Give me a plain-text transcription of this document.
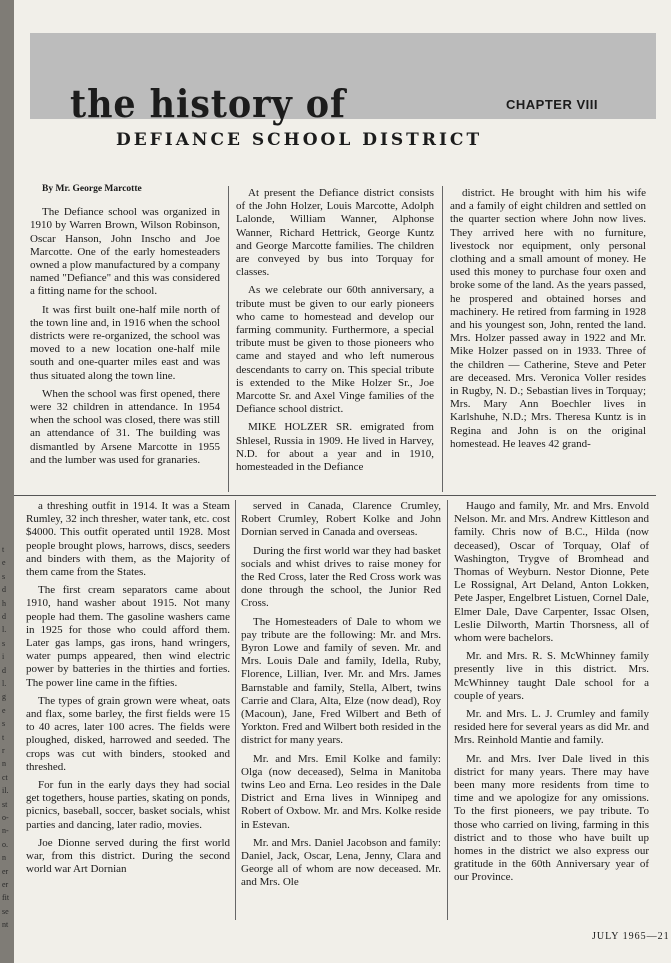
t
e
s
d
h
d
l.
s
i
d
l.
g
e
s
t
r
n
ct
il.
st
o-
n-
o.
n
er
er
fit
se
nt
the history of	CHAPTER VIII
DEFIANCE SCHOOL DISTRICT

By Mr. George Marcotte

The Defiance school was organized in 1910 by Warren Brown, Wilson Robinson, Oscar Hanson, John Inscho and Joe Marcotte. One of the early homesteaders owned a plow manufactured by a company named "Defiance" and this was considered a fitting name for the school.

It was first built one-half mile north of the town line and, in 1916 when the school districts were re-organized, the school was moved to a new location one-half mile south and one-quarter miles east and was thus situated along the town line.

When the school was first opened, there were 32 children in attendance. In 1954 when the school was closed, there was still an attendance of 31. The building was dismantled by Arsene Marcotte in 1955 and the lumber was used for granaries.

At present the Defiance district consists of the John Holzer, Louis Marcotte, Adolph Lalonde, William Wanner, Alphonse Wanner, Richard Hettrick, George Kuntz and George Marcotte families. The children are conveyed by bus into Torquay for classes.

As we celebrate our 60th anniversary, a tribute must be given to our early pioneers who came to homestead and develop our farming community. Furthermore, a special tribute must be given to those pioneers who came and stayed and who left numerous descendants to carry on. This special tribute is extended to the Mike Holzer Sr., Joe Marcotte Sr. and Axel Vinge families of the Defiance school district.

MIKE HOLZER SR. emigrated from Shlesel, Russia in 1909. He lived in Harvey, N.D. for about a year and in 1910, homesteaded in the Defiance

district. He brought with him his wife and a family of eight children and settled on the quarter section where John now lives. They arrived here with no furniture, livestock nor equipment, only personal clothing and a small amount of money. He used this money to purchase four oxen and broke some of the land. As the years passed, he prospered and obtained horses and machinery. He retired from farming in 1928 and his youngest son, John, rented the land. Mrs. Holzer passed away in 1922 and Mr. Mike Holzer passed on in 1933. Three of the children — Catherine, Steve and Peter are deceased. Mrs. Veronica Voller resides in Rugby, N. D.; Sebastian lives in Torquay; Mrs. Mary Ann Boechler lives in Karlshuhe, N.D.; Mrs. Theresa Kuntz is in Regina and John is on the original homestead. He leaves 42 grand-

a threshing outfit in 1914. It was a Steam Rumley, 32 inch thresher, water tank, etc. cost $4000. This outfit operated until 1928. Most people brought plows, harrows, discs, seeders and binders with them, as the Majority of them came from the States.

The first cream separators came about 1910, hand washer about 1915. Not many people had them. The gasoline washers came in 1925 for those who could afford them. Later gas lamps, gas irons, hand wringers, water pumps appeared, then wind electric power by batteries in the thirties and forties. The power line came in the fifties.

The types of grain grown were wheat, oats and flax, some barley, the first fields were 15 to 40 acres, later 100 acres. The fields were ploughed, disked, harrowed and seeded. The crops was cut with binders, stooked and threshed.

For fun in the early days they had social get togethers, house parties, skating on ponds, picnics, baseball, soccer, basket socials, whist parties and dancing, later radio, movies.

Joe Dionne served during the first world war, from this district. During the second world war Art Dornian

served in Canada, Clarence Crumley, Robert Crumley, Robert Kolke and John Dornian served in Canada and overseas.

During the first world war they had basket socials and whist drives to raise money for the Red Cross, later the Red Cross work was done through the school, the Junior Red Cross.

The Homesteaders of Dale to whom we pay tribute are the following: Mr. and Mrs. Byron Lowe and family of seven. Mr. and Mrs. Louis Dale and family, Idella, Ruby, Florence, Lillian, Iver. Mr. and Mrs. James Barnstable and family, Stella, Albert, twins Carrie and Clara, Alta, Elze (now dead), Roy (Macoun), Jane, Fred Wilbert and Beth of Yorkton. Fred and Wilbert both resided in the district for many years.

Mr. and Mrs. Emil Kolke and family: Olga (now deceased), Selma in Manitoba twins Leo and Erna. Leo resides in the Dale District and Erna lives in Winnipeg and Robert of Oxbow. Mr. and Mrs. Kolke reside in Estevan.

Mr. and Mrs. Daniel Jacobson and family: Daniel, Jack, Oscar, Lena, Jenny, Clara and George all of whom are now deceased. Mr. and Mrs. Ole

Haugo and family, Mr. and Mrs. Envold Nelson. Mr. and Mrs. Andrew Kittleson and family. Chris now of B.C., Hilda (now deceased), Oscar of Torquay, Olaf of Washington, Trygve of Bromhead and Thomas of Weyburn. Nestor Dionne, Pete Le Rossignal, Art Deland, Anton Lokken, Pete Jasper, Engelbret Listuen, Cornel Dale, Elmer Dale, Dave Carpenter, Issac Olsen, Leslie Dilworth, Martin Thorsness, all of whom were bachelors.

Mr. and Mrs. R. S. McWhinney family presently live in this district. Mrs. McWhinney taught Dale school for a couple of years.

Mr. and Mrs. L. J. Crumley and family resided here for several years as did Mr. and Mrs. Reinhold Mantie and family.

Mr. and Mrs. Iver Dale lived in this district for many years. There may have been many more residents from time to time and we apologize for any omissions. To the first pioneers, we pay tribute. To those who carried on living, farming in this district and to those who have built up homes in the district we also express our gratitude in the 60th Anniversary year of our Province.

JULY 1965—21
